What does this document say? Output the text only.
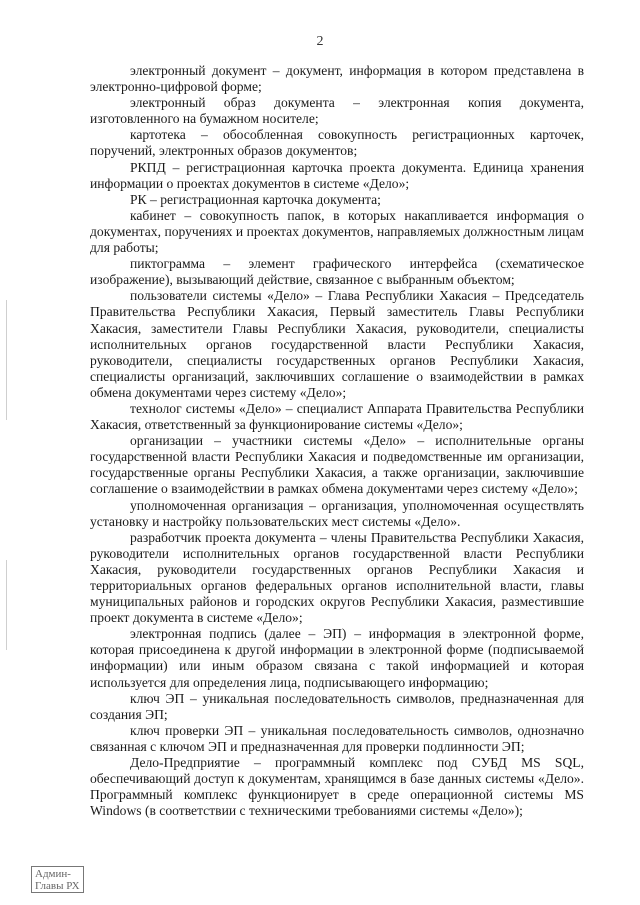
2

электронный документ – документ, информация в котором представлена в электронно-цифровой форме;

электронный образ документа – электронная копия документа, изготовленного на бумажном носителе;

картотека – обособленная совокупность регистрационных карточек, поручений, электронных образов документов;

РКПД – регистрационная карточка проекта документа. Единица хранения информации о проектах документов в системе «Дело»;

РК – регистрационная карточка документа;

кабинет – совокупность папок, в которых накапливается информация о документах, поручениях и проектах документов, направляемых должностным лицам для работы;

пиктограмма – элемент графического интерфейса (схематическое изображение), вызывающий действие, связанное с выбранным объектом;

пользователи системы «Дело» – Глава Республики Хакасия – Председатель Правительства Республики Хакасия, Первый заместитель Главы Республики Хакасия, заместители Главы Республики Хакасия, руководители, специалисты исполнительных органов государственной власти Республики Хакасия, руководители, специалисты государственных органов Республики Хакасия, специалисты организаций, заключивших соглашение о взаимодействии в рамках обмена документами через систему «Дело»;

технолог системы «Дело» – специалист Аппарата Правительства Республики Хакасия, ответственный за функционирование системы «Дело»;

организации – участники системы «Дело» – исполнительные органы государственной власти Республики Хакасия и подведомственные им организации, государственные органы Республики Хакасия, а также организации, заключившие соглашение о взаимодействии в рамках обмена документами через систему «Дело»;

уполномоченная организация – организация, уполномоченная осуществлять установку и настройку пользовательских мест системы «Дело».

разработчик проекта документа – члены Правительства Республики Хакасия, руководители исполнительных органов государственной власти Республики Хакасия, руководители государственных органов Республики Хакасия и территориальных органов федеральных органов исполнительной власти, главы муниципальных районов и городских округов Республики Хакасия, разместившие проект документа в системе «Дело»;

электронная подпись (далее – ЭП) – информация в электронной форме, которая присоединена к другой информации в электронной форме (подписываемой информации) или иным образом связана с такой информацией и которая используется для определения лица, подписывающего информацию;

ключ ЭП – уникальная последовательность символов, предназначенная для создания ЭП;

ключ проверки ЭП – уникальная последовательность символов, однозначно связанная с ключом ЭП и предназначенная для проверки подлинности ЭП;

Дело-Предприятие – программный комплекс под СУБД MS SQL, обеспечивающий доступ к документам, хранящимся в базе данных системы «Дело». Программный комплекс функционирует в среде операционной системы MS Windows (в соответствии с техническими требованиями системы «Дело»);

Админ-
Главы РХ
